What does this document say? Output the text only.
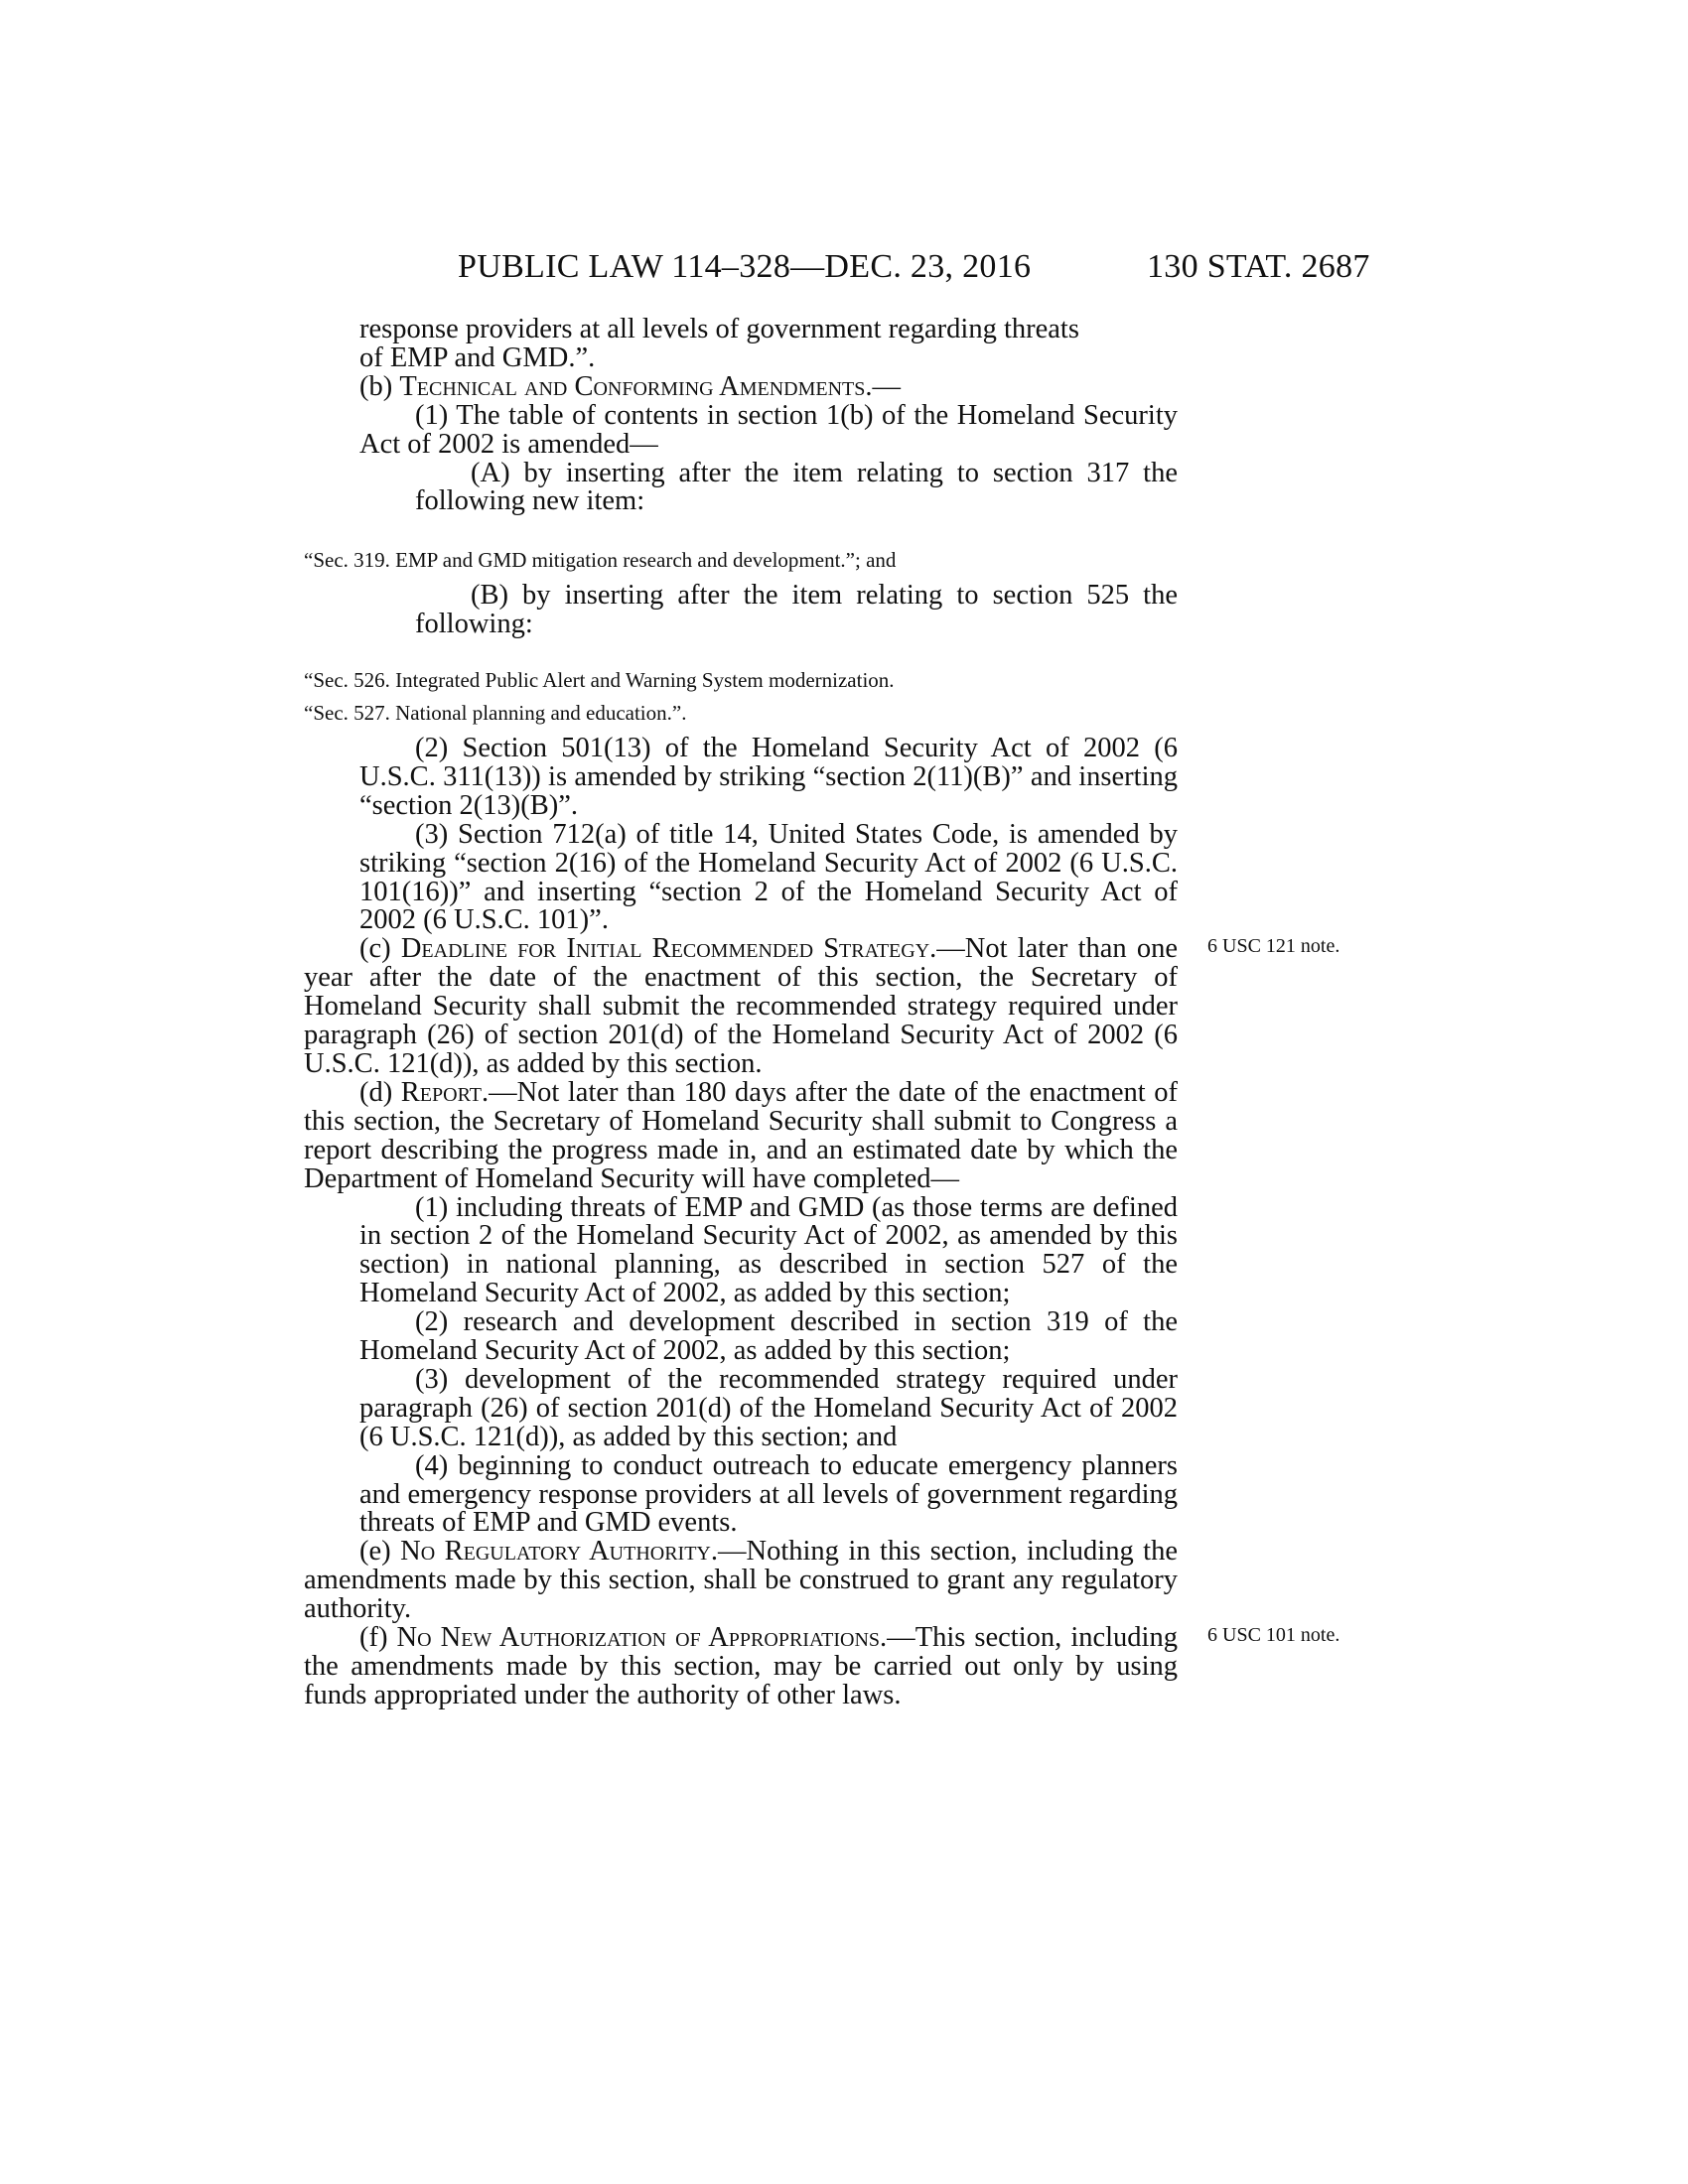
PUBLIC LAW 114–328—DEC. 23, 2016	130 STAT. 2687

response providers at all levels of government regarding threats
of EMP and GMD.”.

(b) Technical and Conforming Amendments.—

(1) The table of contents in section 1(b) of the Homeland Security Act of 2002 is amended—

(A) by inserting after the item relating to section 317 the following new item:

“Sec. 319. EMP and GMD mitigation research and development.”; and

(B) by inserting after the item relating to section 525 the following:

“Sec. 526. Integrated Public Alert and Warning System modernization.
“Sec. 527. National planning and education.”.

(2) Section 501(13) of the Homeland Security Act of 2002 (6 U.S.C. 311(13)) is amended by striking “section 2(11)(B)” and inserting “section 2(13)(B)”.

(3) Section 712(a) of title 14, United States Code, is amended by striking “section 2(16) of the Homeland Security Act of 2002 (6 U.S.C. 101(16))” and inserting “section 2 of the Homeland Security Act of 2002 (6 U.S.C. 101)”.

(c) Deadline for Initial Recommended Strategy.—Not later than one year after the date of the enactment of this section, the Secretary of Homeland Security shall submit the recommended strategy required under paragraph (26) of section 201(d) of the Homeland Security Act of 2002 (6 U.S.C. 121(d)), as added by this section.

(d) Report.—Not later than 180 days after the date of the enactment of this section, the Secretary of Homeland Security shall submit to Congress a report describing the progress made in, and an estimated date by which the Department of Homeland Security will have completed—

(1) including threats of EMP and GMD (as those terms are defined in section 2 of the Homeland Security Act of 2002, as amended by this section) in national planning, as described in section 527 of the Homeland Security Act of 2002, as added by this section;

(2) research and development described in section 319 of the Homeland Security Act of 2002, as added by this section;

(3) development of the recommended strategy required under paragraph (26) of section 201(d) of the Homeland Security Act of 2002 (6 U.S.C. 121(d)), as added by this section; and

(4) beginning to conduct outreach to educate emergency planners and emergency response providers at all levels of government regarding threats of EMP and GMD events.

(e) No Regulatory Authority.—Nothing in this section, including the amendments made by this section, shall be construed to grant any regulatory authority.

(f) No New Authorization of Appropriations.—This section, including the amendments made by this section, may be carried out only by using funds appropriated under the authority of other laws.

6 USC 121 note.
6 USC 101 note.
